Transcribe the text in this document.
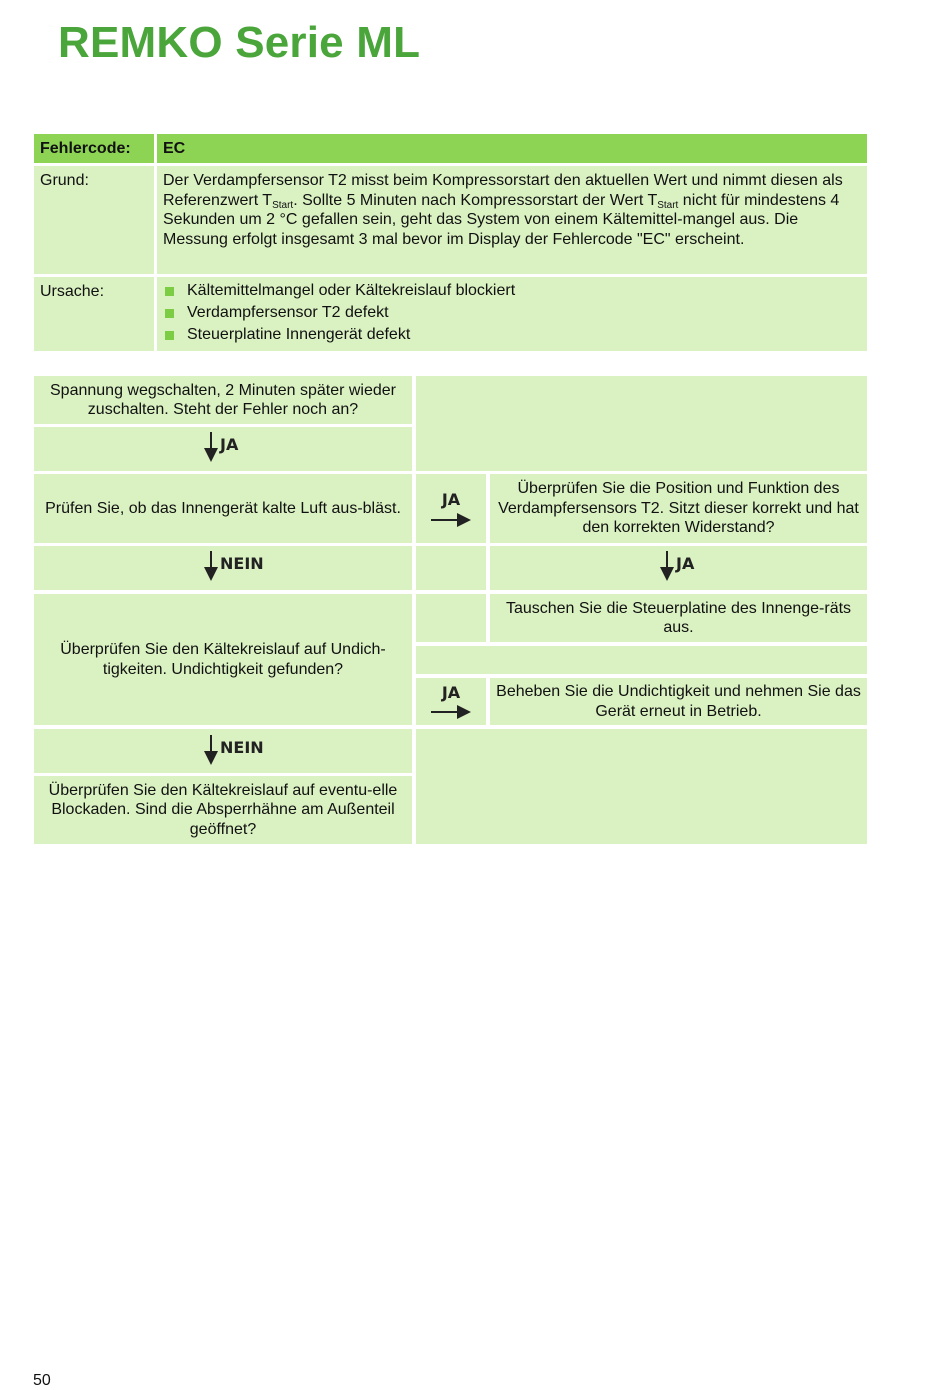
REMKO Serie ML
Fehlercode:	EC
Grund:	Der Verdampfersensor T2 misst beim Kompressorstart den aktuellen Wert und nimmt diesen als Referenzwert $T_{Start}$. Sollte 5 Minuten nach Kompressorstart der Wert $T_{Start}$ nicht für mindestens 4 Sekunden um 2 °C gefallen sein, geht das System von einem Kältemittel-mangel aus. Die Messung erfolgt insgesamt 3 mal bevor im Display der Fehlercode "EC" erscheint.
Ursache:	Kältemittelmangel oder Kältekreislauf blockiert
Verdampfersensor T2 defekt
Steuerplatine Innengerät defekt
Spannung wegschalten, 2 Minuten später wieder zuschalten. Steht der Fehler noch an?
JA
Prüfen Sie, ob das Innengerät kalte Luft aus-bläst.
NEIN
Überprüfen Sie den Kältekreislauf auf Undich-tigkeiten. Undichtigkeit gefunden?
NEIN
Überprüfen Sie den Kältekreislauf auf eventu-elle Blockaden. Sind die Absperrhähne am Außenteil geöffnet?
JA
Überprüfen Sie die Position und Funktion des Verdampfersensors T2. Sitzt dieser korrekt und hat den korrekten Widerstand?
JA
Tauschen Sie die Steuerplatine des Innenge-räts aus.
JA Beheben Sie die Undichtigkeit und nehmen Sie das Gerät erneut in Betrieb.
50
